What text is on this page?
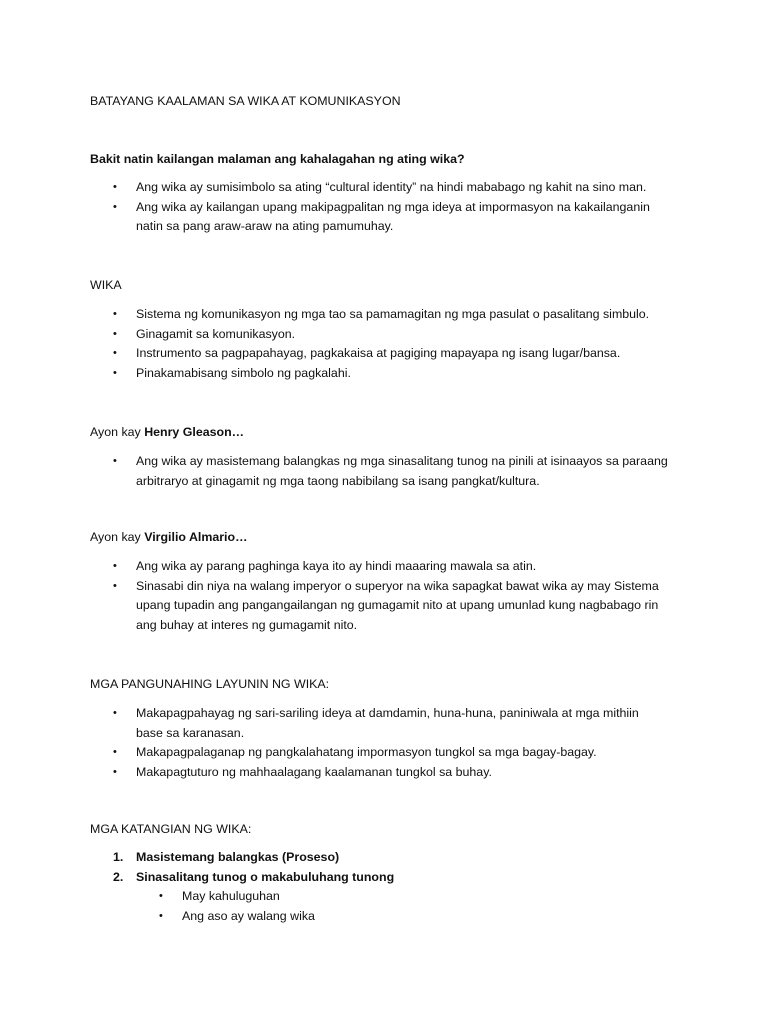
BATAYANG KAALAMAN SA WIKA AT KOMUNIKASYON

Bakit natin kailangan malaman ang kahalagahan ng ating wika?

•	Ang wika ay sumisimbolo sa ating “cultural identity” na hindi mababago ng kahit na sino man.
•	Ang wika ay kailangan upang makipagpalitan ng mga ideya at impormasyon na kakailanganin natin sa pang araw-araw na ating pamumuhay.

WIKA

•	Sistema ng komunikasyon ng mga tao sa pamamagitan ng mga pasulat o pasalitang simbulo.
•	Ginagamit sa komunikasyon.
•	Instrumento sa pagpapahayag, pagkakaisa at pagiging mapayapa ng isang lugar/bansa.
•	Pinakamabisang simbolo ng pagkalahi.

Ayon kay Henry Gleason…

•	Ang wika ay masistemang balangkas ng mga sinasalitang tunog na pinili at isinaayos sa paraang arbitraryo at ginagamit ng mga taong nabibilang sa isang pangkat/kultura.

Ayon kay Virgilio Almario…

•	Ang wika ay parang paghinga kaya ito ay hindi maaaring mawala sa atin.
•	Sinasabi din niya na walang imperyor o superyor na wika sapagkat bawat wika ay may Sistema upang tupadin ang pangangailangan ng gumagamit nito at upang umunlad kung nagbabago rin ang buhay at interes ng gumagamit nito.

MGA PANGUNAHING LAYUNIN NG WIKA:

•	Makapagpahayag ng sari-sariling ideya at damdamin, huna-huna, paniniwala at mga mithiin base sa karanasan.
•	Makapagpalaganap ng pangkalahatang impormasyon tungkol sa mga bagay-bagay.
•	Makapagtuturo ng mahhaalagang kaalamanan tungkol sa buhay.

MGA KATANGIAN NG WIKA:

1.	Masistemang balangkas (Proseso)
2.	Sinasalitang tunog o makabuluhang tunong
•	May kahuluguhan
•	Ang aso ay walang wika
